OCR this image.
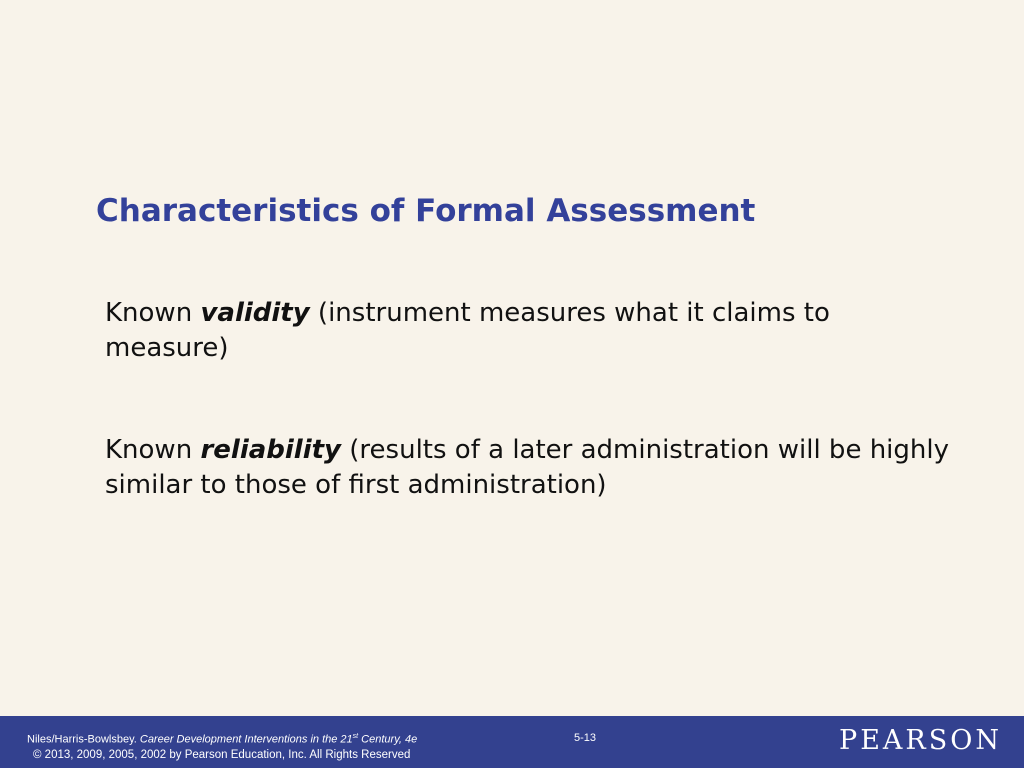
Characteristics of Formal Assessment
Known validity (instrument measures what it claims to measure)
Known reliability (results of a later administration will be highly similar to those of first administration)
Niles/Harris-Bowlsbey. Career Development Interventions in the 21st Century, 4e
© 2013, 2009, 2005, 2002 by Pearson Education, Inc. All Rights Reserved
5-13	PEARSON
